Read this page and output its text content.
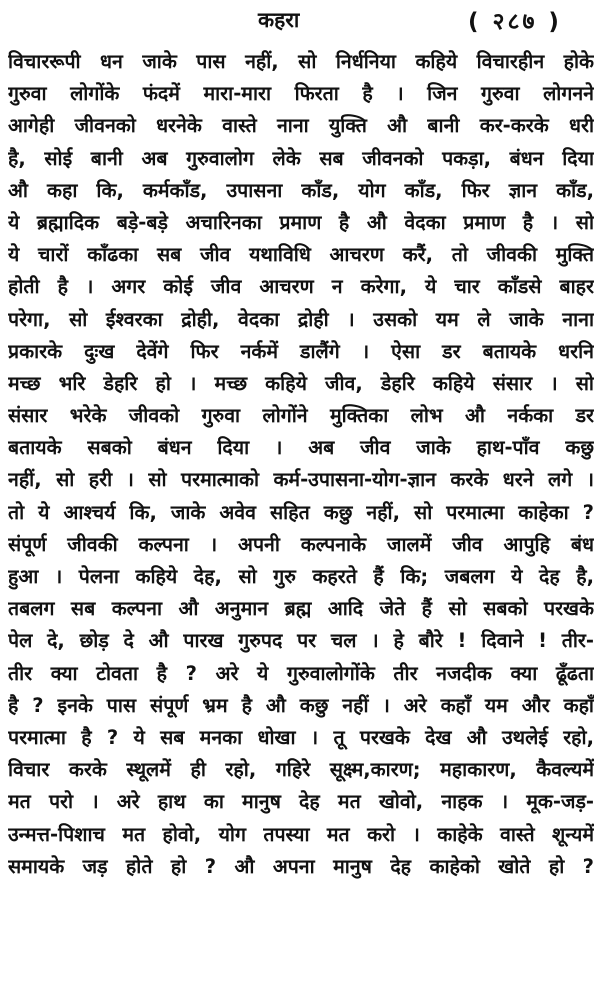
कहरा	( २८७ )
विचाररूपी धन जाके पास नहीं, सो निर्धनिया कहिये विचारहीन होके
गुरुवा लोगोंके फंदमें मारा-मारा फिरता है । जिन गुरुवा लोगनने
आगेही जीवनको धरनेके वास्ते नाना युक्ति औ बानी कर-करके धरी
है, सोई बानी अब गुरुवालोग लेके सब जीवनको पकड़ा, बंधन दिया
औ कहा कि, कर्मकाँड, उपासना काँड, योग काँड, फिर ज्ञान काँड,
ये ब्रह्मादिक बड़े-बड़े अचारिनका प्रमाण है औ वेदका प्रमाण है । सो
ये चारों काँढका सब जीव यथाविधि आचरण करैं, तो जीवकी मुक्ति
होती है । अगर कोई जीव आचरण न करेगा, ये चार काँडसे बाहर
परेगा, सो ईश्वरका द्रोही, वेदका द्रोही । उसको यम ले जाके नाना
प्रकारके दुःख देवेंगे फिर नर्कमें डालैंगे । ऐसा डर बतायके धरनि
मच्छ भरि डेहरि हो । मच्छ कहिये जीव, डेहरि कहिये संसार । सो
संसार भरेके जीवको गुरुवा लोगोंने मुक्तिका लोभ औ नर्कका डर
बतायके सबको बंधन दिया । अब जीव जाके हाथ-पाँव कछु
नहीं, सो हरी । सो परमात्माको कर्म-उपासना-योग-ज्ञान करके धरने लगे ।
तो ये आश्चर्य कि, जाके अवेव सहित कछु नहीं, सो परमात्मा काहेका ?
संपूर्ण जीवकी कल्पना । अपनी कल्पनाके जालमें जीव आपुहि बंध
हुआ । पेलना कहिये देह, सो गुरु कहरते हैं कि; जबलग ये देह है,
तबलग सब कल्पना औ अनुमान ब्रह्म आदि जेते हैं सो सबको परखके
पेल दे, छोड़ दे औ पारख गुरुपद पर चल । हे बौरे ! दिवाने ! तीर-
तीर क्या टोवता है ? अरे ये गुरुवालोगोंके तीर नजदीक क्या ढूँढता
है ? इनके पास संपूर्ण भ्रम है औ कछु नहीं । अरे कहाँ यम और कहाँ
परमात्मा है ? ये सब मनका धोखा । तू परखके देख औ उथलेई रहो,
विचार करके स्थूलमें ही रहो, गहिरे सूक्ष्म,कारण; महाकारण, कैवल्यमें
मत परो । अरे हाथ का मानुष देह मत खोवो, नाहक । मूक-जड़-
उन्मत्त-पिशाच मत होवो, योग तपस्या मत करो । काहेके वास्ते शून्यमें
समायके जड़ होते हो ? औ अपना मानुष देह काहेको खोते हो ?
